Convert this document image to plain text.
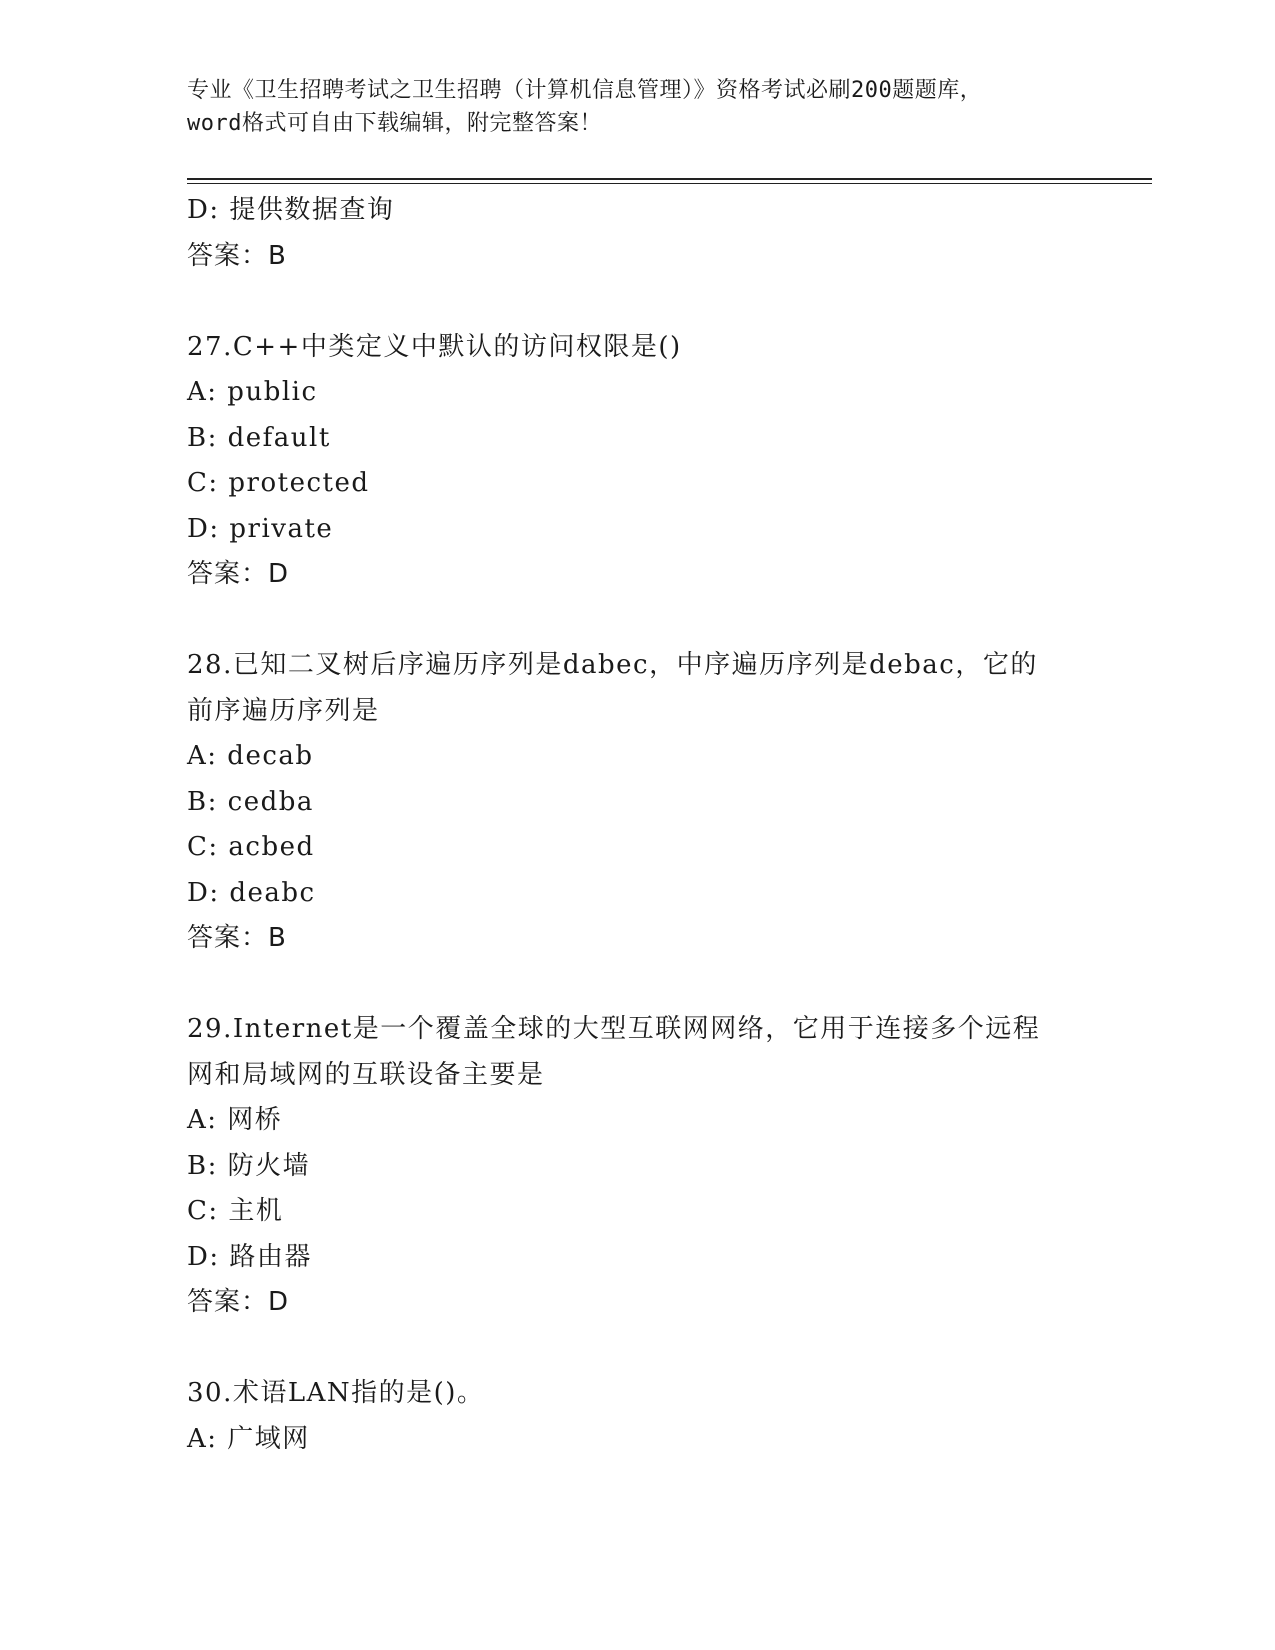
专业《卫生招聘考试之卫生招聘（计算机信息管理）》资格考试必刷200题题库，
word格式可自由下载编辑，附完整答案！
D: 提供数据查询
答案：B
27.C++中类定义中默认的访问权限是()
A: public
B: default
C: protected
D: private
答案：D
28.已知二叉树后序遍历序列是dabec，中序遍历序列是debac，它的
前序遍历序列是
A: decab
B: cedba
C: acbed
D: deabc
答案：B
29.Internet是一个覆盖全球的大型互联网网络，它用于连接多个远程
网和局域网的互联设备主要是
A: 网桥
B: 防火墙
C: 主机
D: 路由器
答案：D
30.术语LAN指的是()。
A: 广域网
